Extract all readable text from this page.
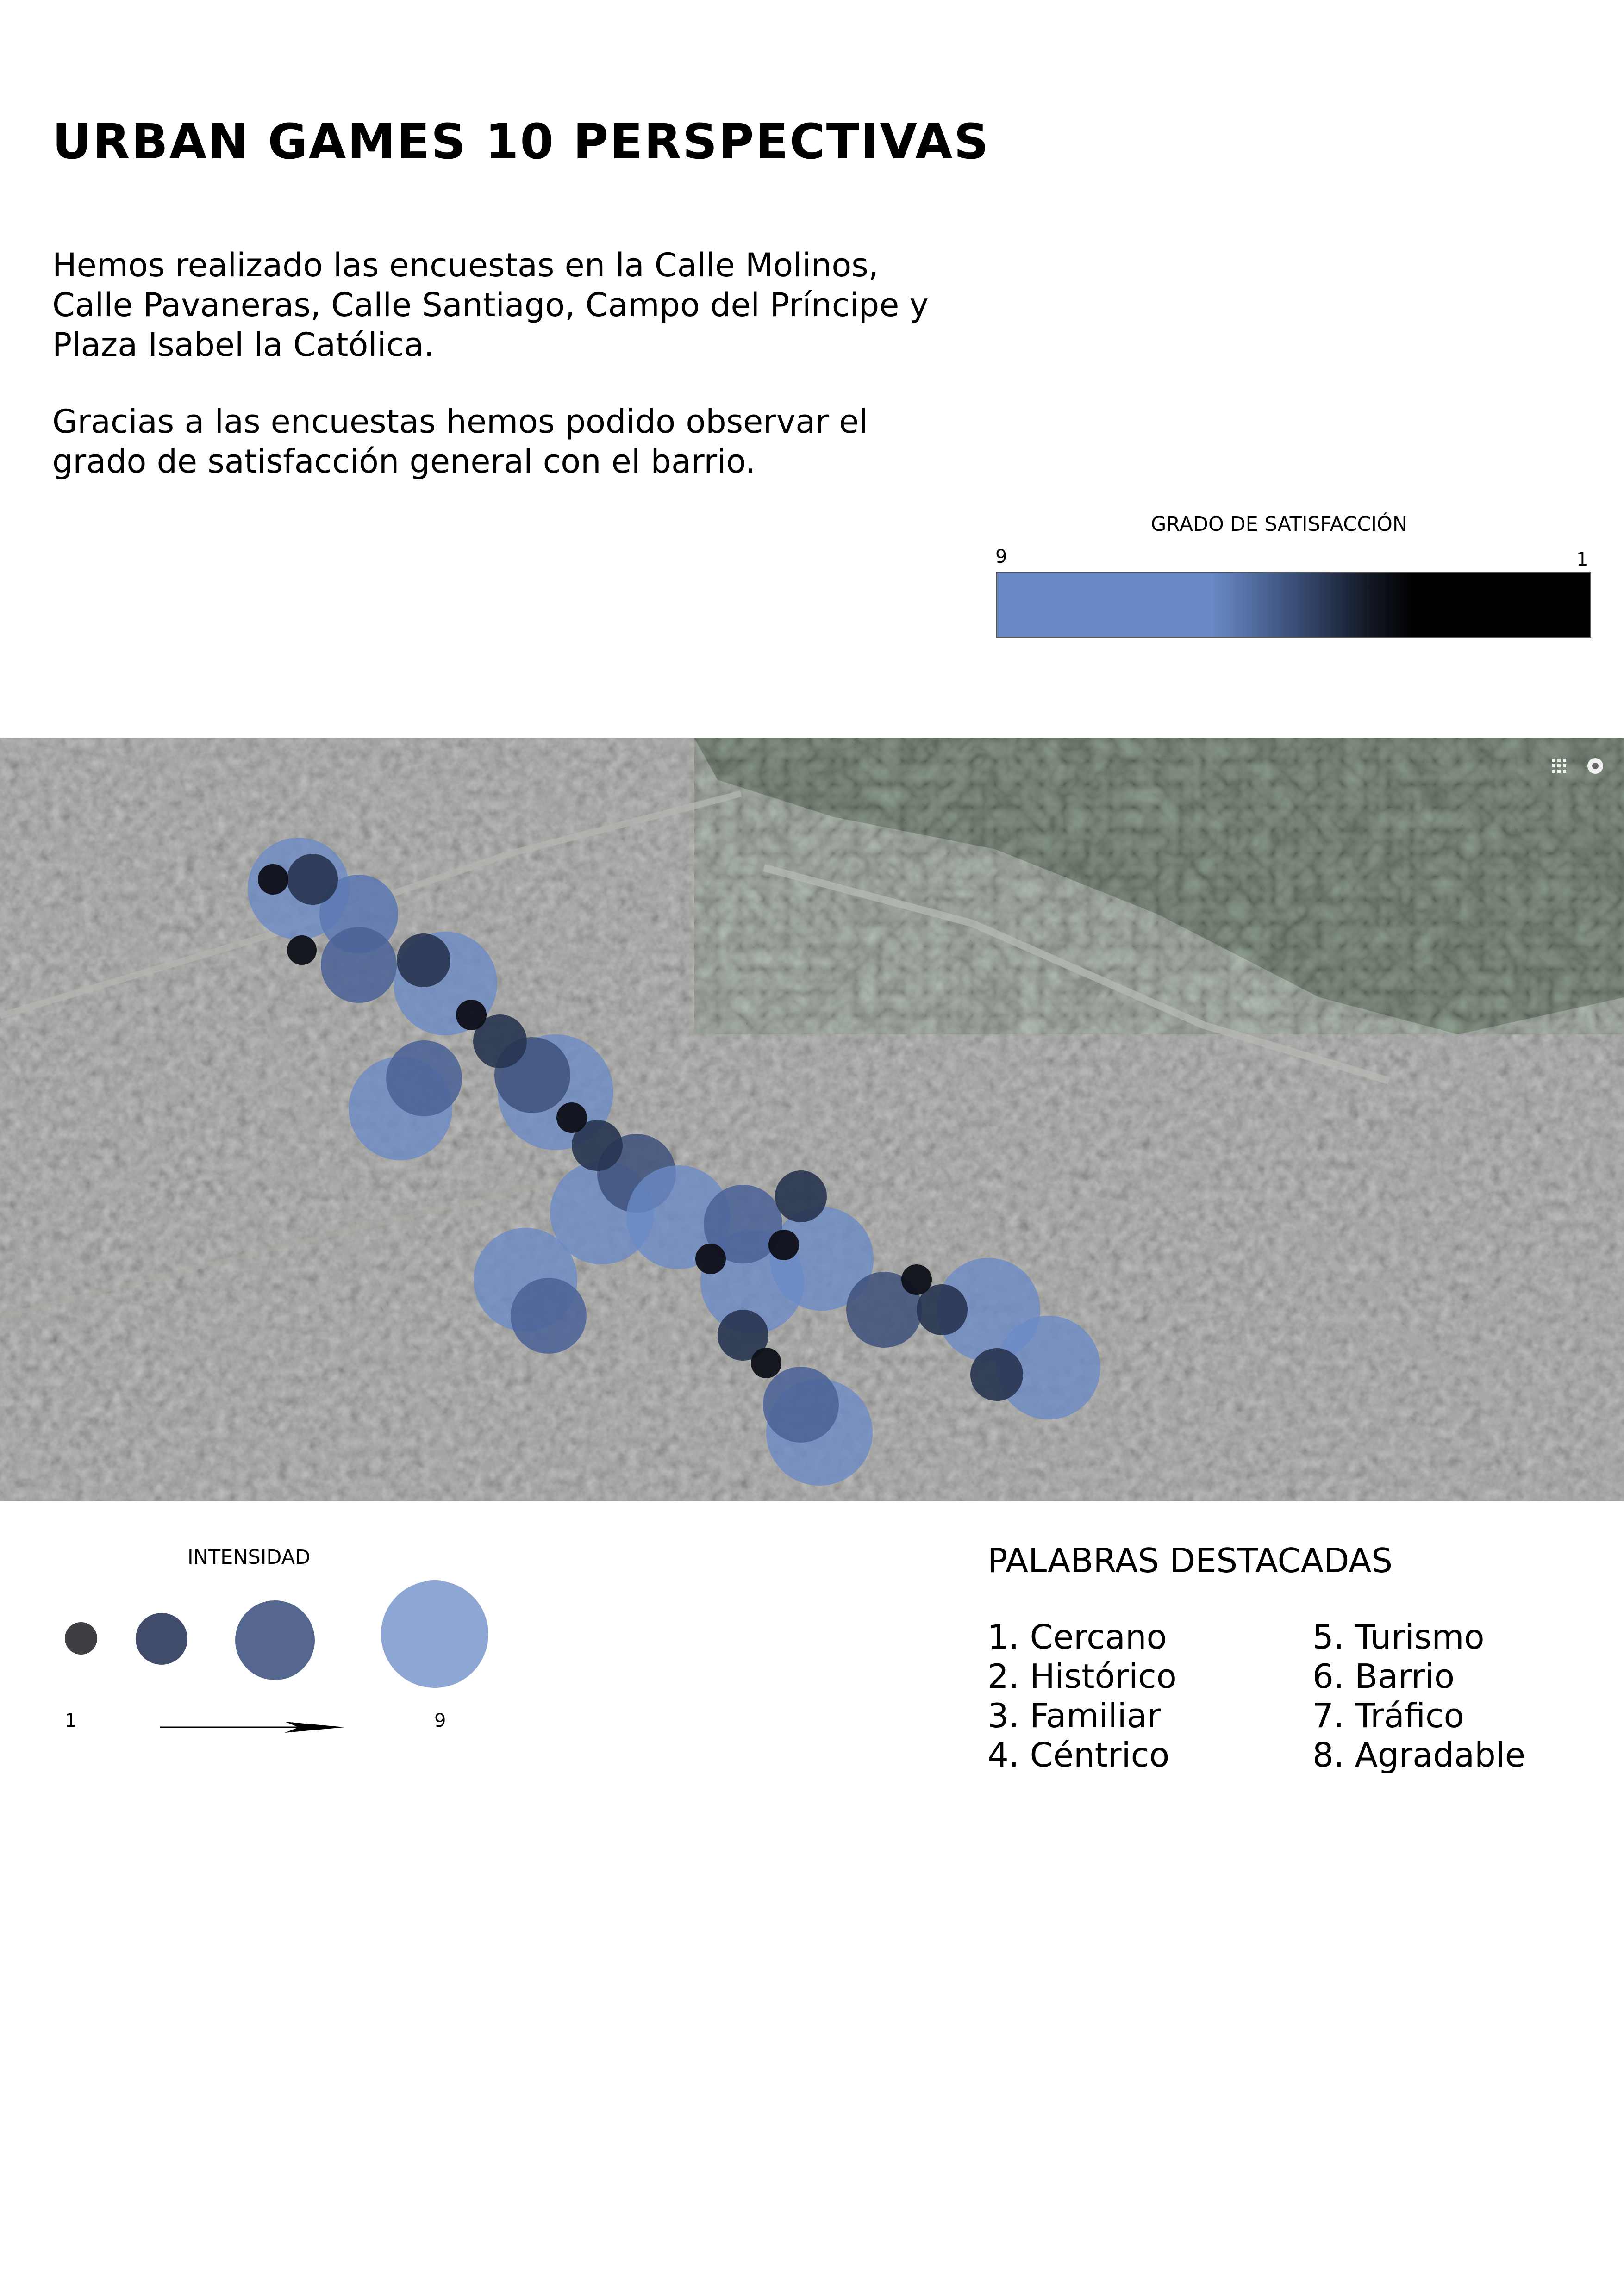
URBAN GAMES 10 PERSPECTIVAS
Hemos realizado las encuestas en la Calle Molinos,
Calle Pavaneras, Calle Santiago, Campo del Príncipe y
Plaza Isabel la Católica.
Gracias a las encuestas hemos podido observar el
grado de satisfacción general con el barrio.
GRADO DE SATISFACCIÓN
9	1
INTENSIDAD
1	9
PALABRAS DESTACADAS
1. Cercano
2. Histórico
3. Familiar
4. Céntrico
5. Turismo
6. Barrio
7. Tráfico
8. Agradable
